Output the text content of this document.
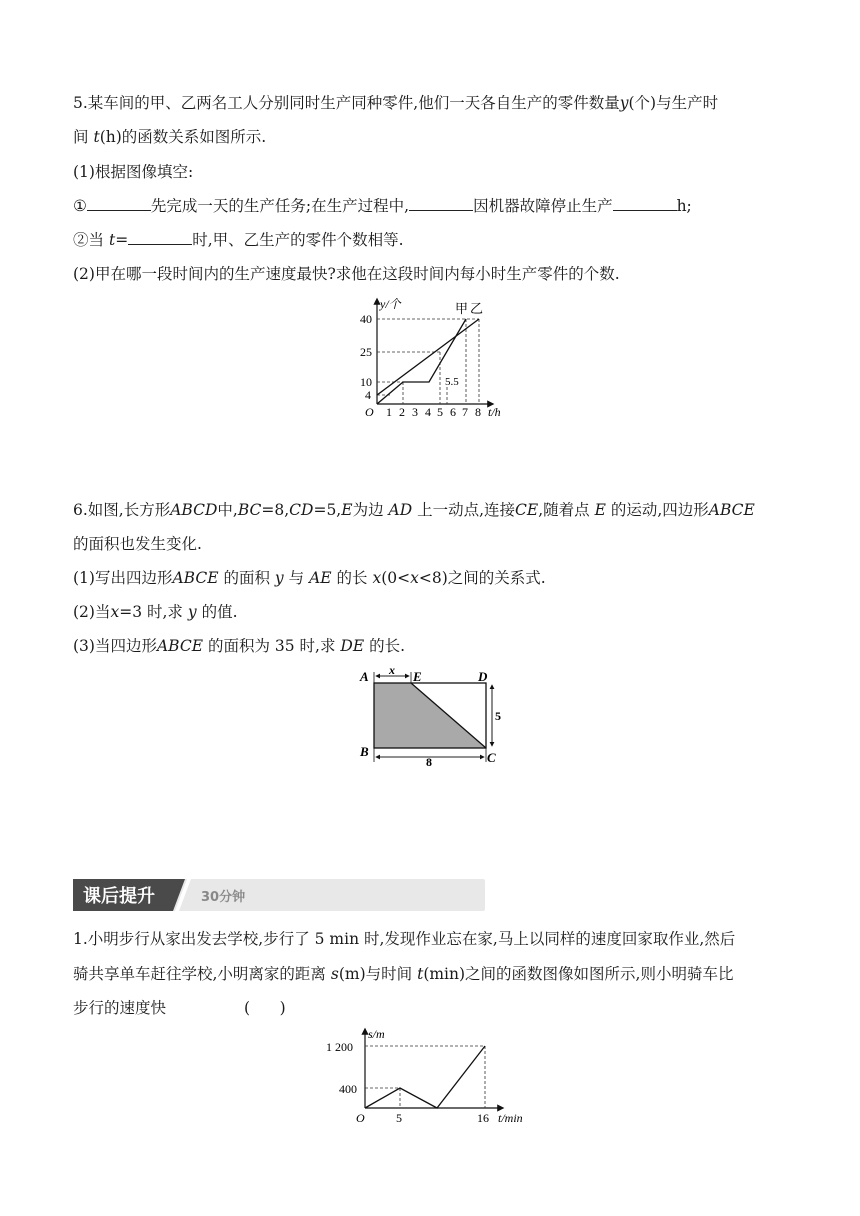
5.某车间的甲、乙两名工人分别同时生产同种零件,他们一天各自生产的零件数量y(个)与生产时
间 t(h)的函数关系如图所示.
(1)根据图像填空:
①	先完成一天的生产任务;在生产过程中,	因机器故障停止生产	h;
②当 t=	时,甲、乙生产的零件个数相等.
(2)甲在哪一段时间内的生产速度最快?求他在这段时间内每小时生产零件的个数.
y/个	甲 乙
40
25
10
4
O 1 2 3 4 5 6 7 8 t/h
5.5
6.如图,长方形ABCD中,BC=8,CD=5,E为边 AD 上一动点,连接CE,随着点 E 的运动,四边形ABCE
的面积也发生变化.
(1)写出四边形ABCE 的面积 y 与 AE 的长 x(0<x<8)之间的关系式.
(2)当x=3 时,求 y 的值.
(3)当四边形ABCE 的面积为 35 时,求 DE 的长.
A	E	D
B	C
x
5
8
课后提升	30分钟
1.小明步行从家出发去学校,步行了 5 min 时,发现作业忘在家,马上以同样的速度回家取作业,然后
骑共享单车赶往学校,小明离家的距离 s(m)与时间 t(min)之间的函数图像如图所示,则小明骑车比
步行的速度快	(      )
s/m
1 200
400
O	5	16 t/min
